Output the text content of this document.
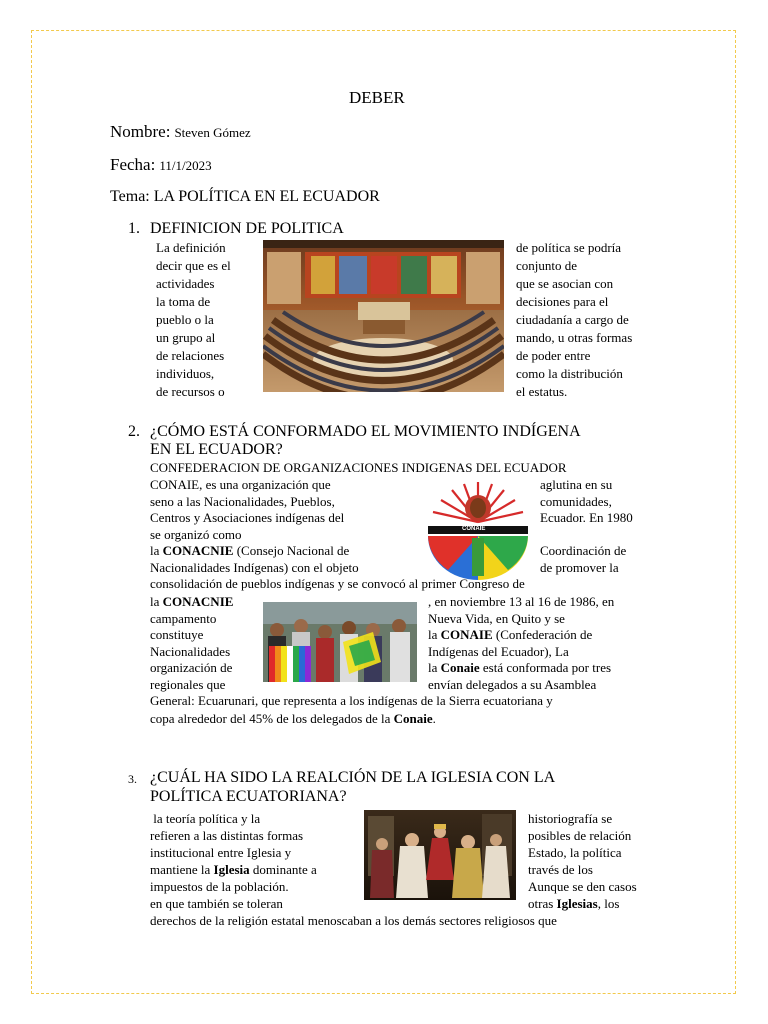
DEBER
Nombre: Steven Gómez
Fecha: 11/1/2023
Tema: LA POLÍTICA EN EL ECUADOR
1. DEFINICION DE POLITICA
La definición
decir que es el
actividades
la toma de
pueblo o la
un grupo al
de relaciones
individuos,
de recursos o
de política se podría
conjunto de
que se asocian con
decisiones para el
ciudadanía a cargo de
mando, u otras formas
de poder entre
como la distribución
el estatus.
2. ¿CÓMO ESTÁ CONFORMADO EL MOVIMIENTO INDÍGENA
EN EL ECUADOR?
CONFEDERACION DE ORGANIZACIONES INDIGENAS DEL ECUADOR
CONAIE, es una organización que
seno a las Nacionalidades, Pueblos,
Centros y Asociaciones indígenas del
se organizó como
la CONACNIE (Consejo Nacional de
Nacionalidades Indígenas) con el objeto
aglutina en su
comunidades,
Ecuador. En 1980
Coordinación de
de promover la
CONAIE
consolidación de pueblos indígenas y se convocó al primer Congreso de
la CONACNIE
campamento
constituye
Nacionalidades
organización de
regionales que
, en noviembre 13 al 16 de 1986, en
Nueva Vida, en Quito y se
la CONAIE (Confederación de
Indígenas del Ecuador), La
la Conaie está conformada por tres
envían delegados a su Asamblea
General: Ecuarunari, que representa a los indígenas de la Sierra ecuatoriana y
copa alrededor del 45% de los delegados de la Conaie.
3. ¿CUÁL HA SIDO LA REALCIÓN DE LA IGLESIA CON LA
POLÍTICA ECUATORIANA?
la teoría política y la
refieren a las distintas formas
institucional entre Iglesia y
mantiene la Iglesia dominante a
impuestos de la población.
en que también se toleran
historiografía se
posibles de relación
Estado, la política
través de los
Aunque se den casos
otras Iglesias, los
derechos de la religión estatal menoscaban a los demás sectores religiosos que
